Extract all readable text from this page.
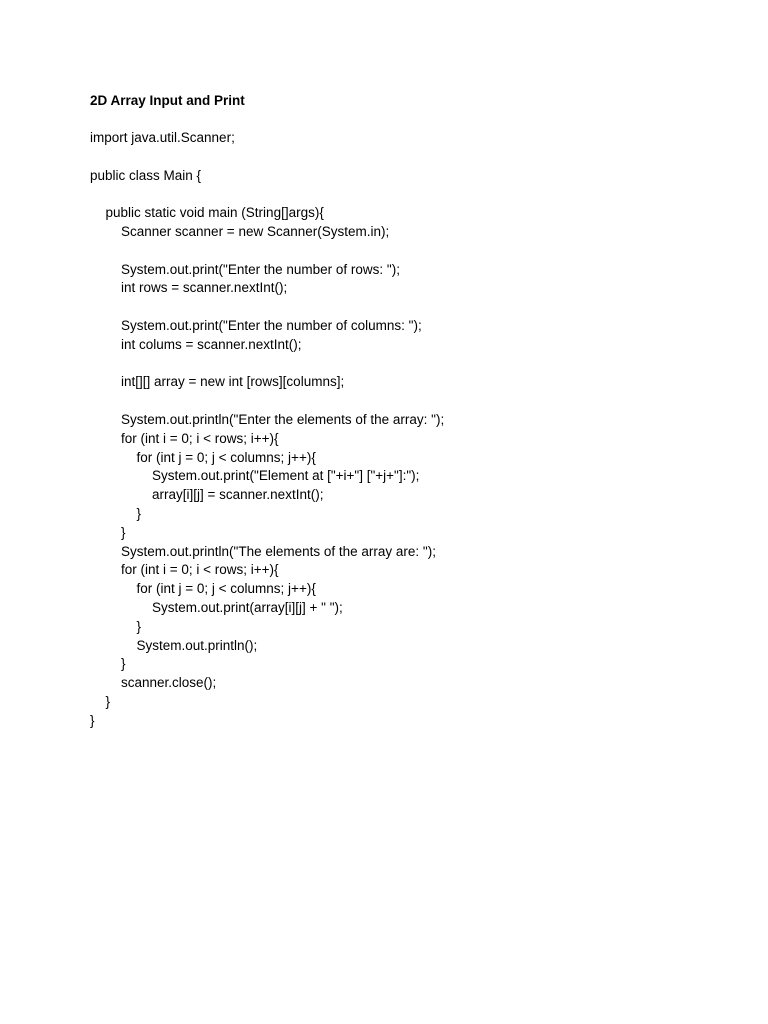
2D Array Input and Print
import java.util.Scanner;
public class Main {
public static void main (String[]args){
Scanner scanner = new Scanner(System.in);
System.out.print("Enter the number of rows: ");
int rows = scanner.nextInt();
System.out.print("Enter the number of columns: ");
int colums = scanner.nextInt();
int[][] array = new int [rows][columns];
System.out.println("Enter the elements of the array: ");
for (int i = 0; i < rows; i++){
for (int j = 0; j < columns; j++){
System.out.print("Element at ["+i+"] ["+j+"]:");
array[i][j] = scanner.nextInt();
}
}
System.out.println("The elements of the array are: ");
for (int i = 0; i < rows; i++){
for (int j = 0; j < columns; j++){
System.out.print(array[i][j] + " ");
}
System.out.println();
}
scanner.close();
}
}
